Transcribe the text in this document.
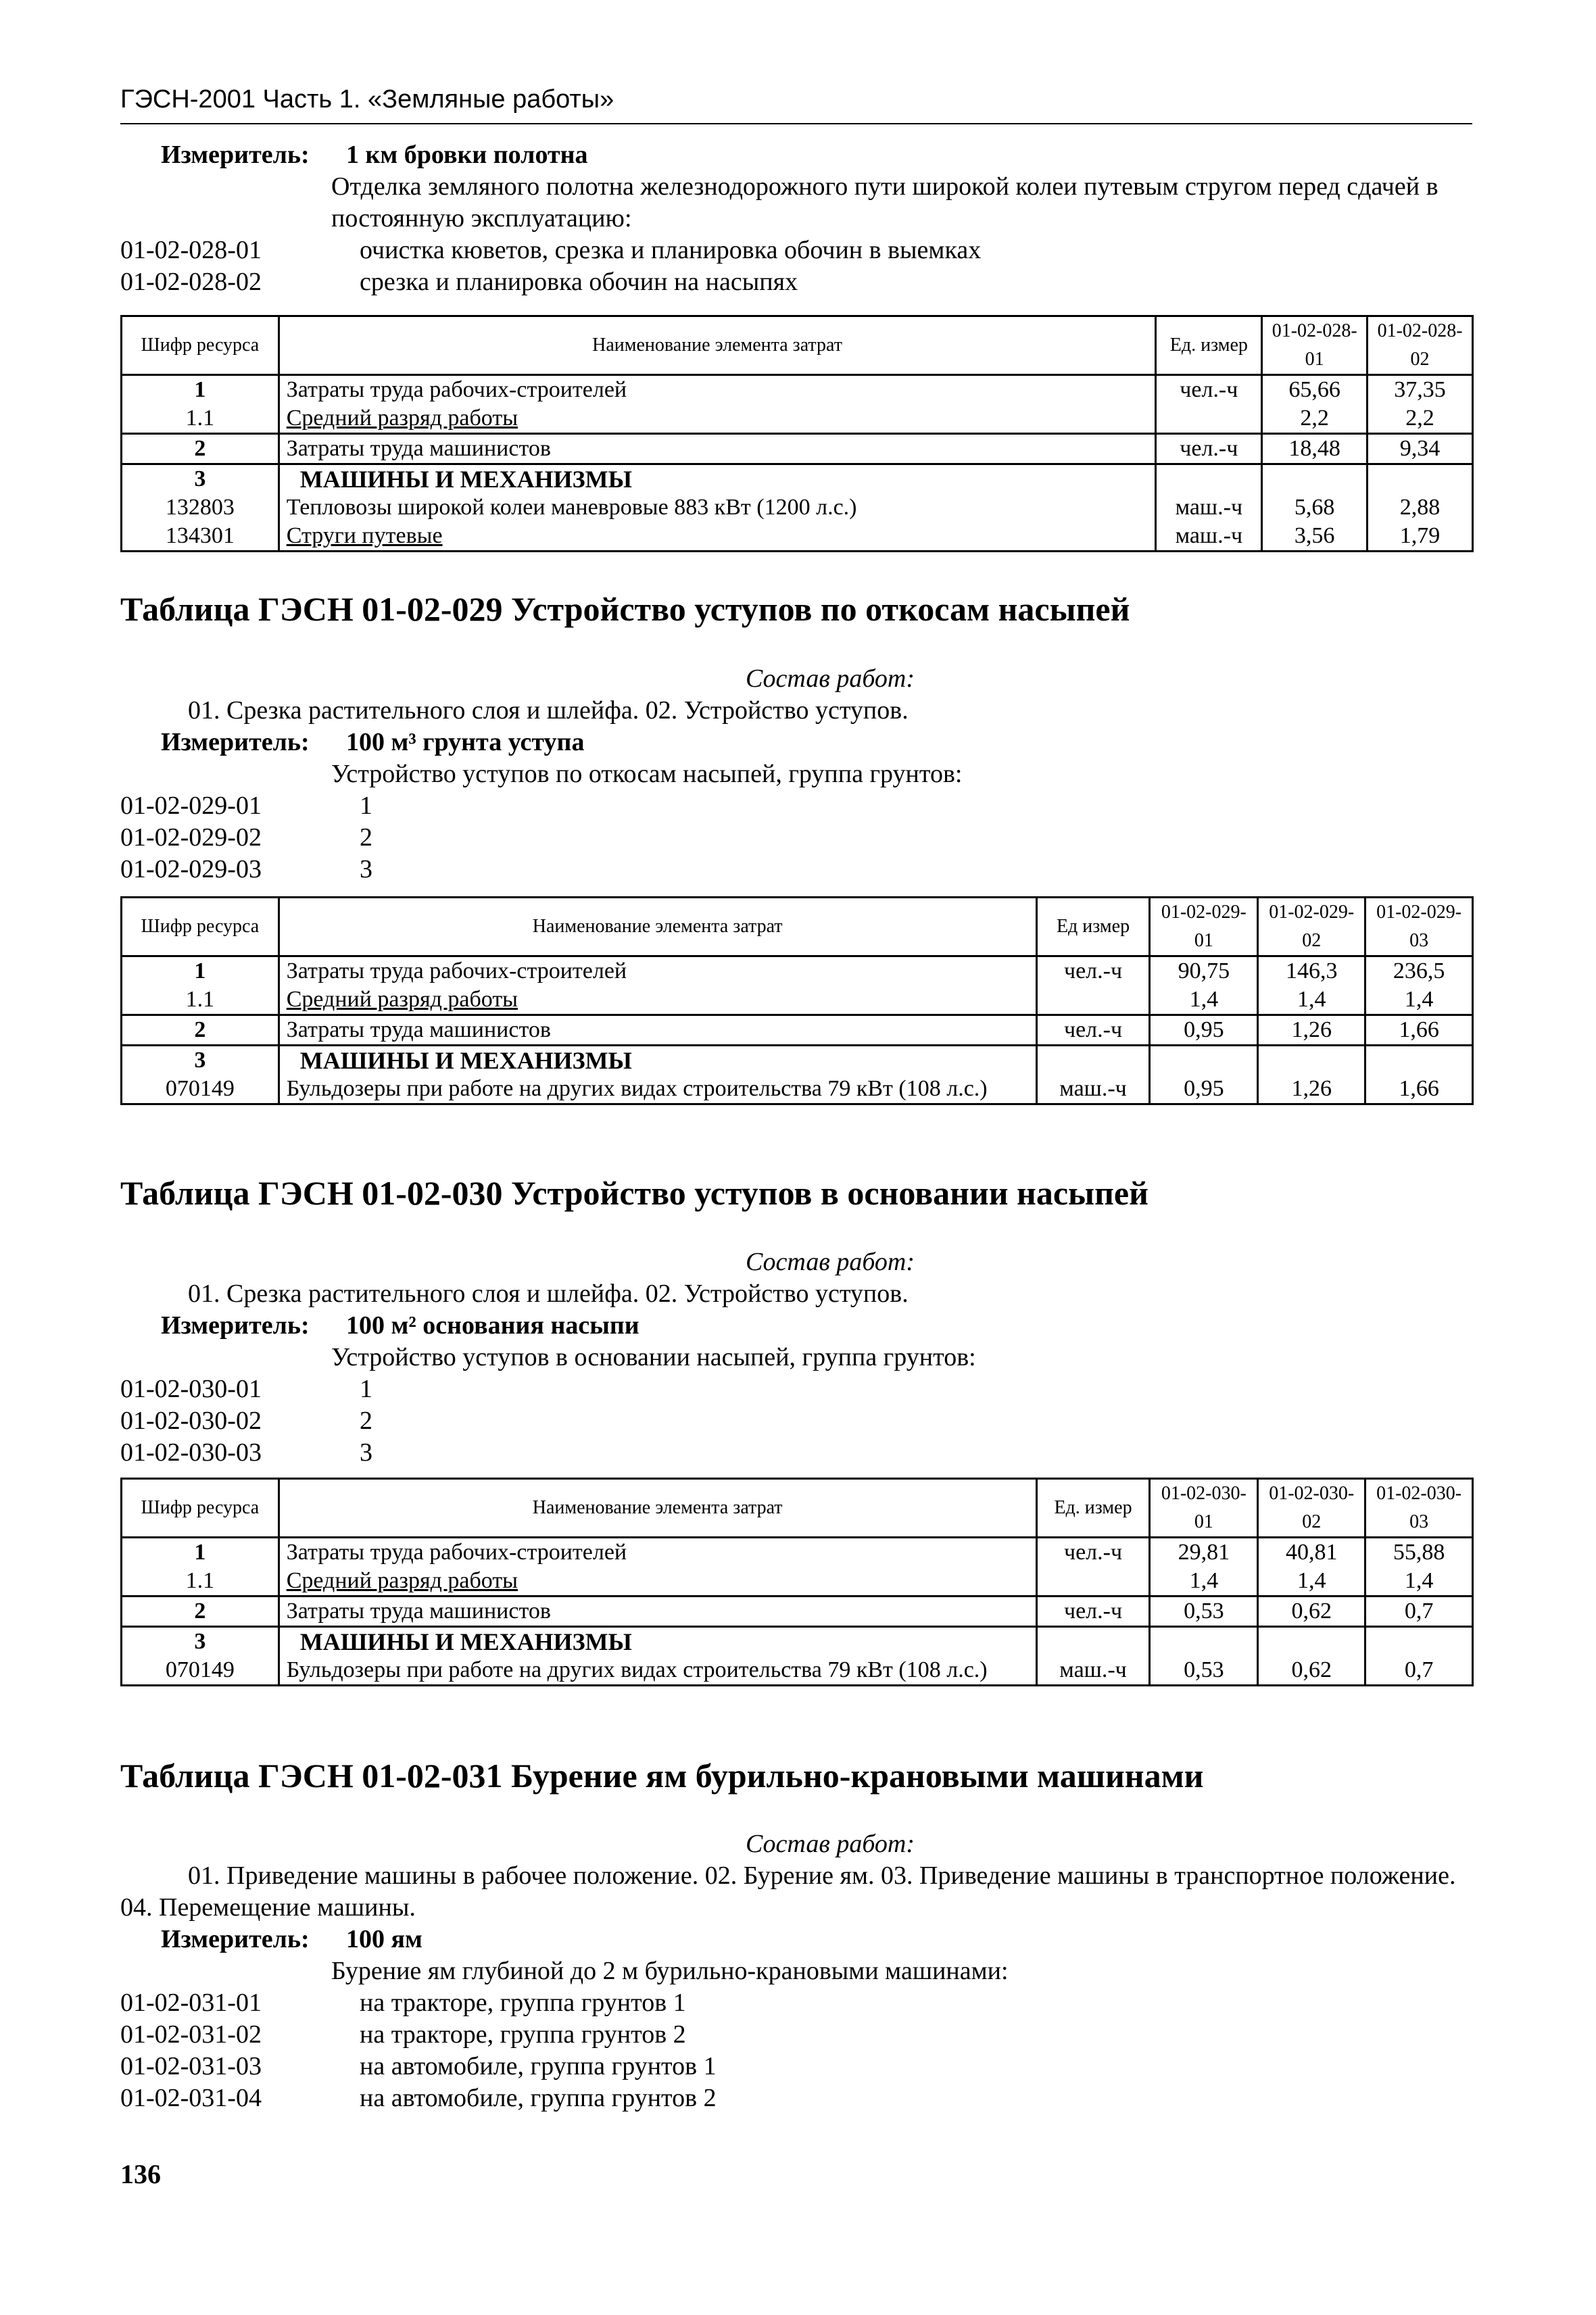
ГЭСН-2001 Часть 1. «Земляные работы»
Измеритель: 1 км бровки полотна
Отделка земляного полотна железнодорожного пути широкой колеи путевым стругом перед сдачей в постоянную эксплуатацию:
01-02-028-01	очистка кюветов, срезка и планировка обочин в выемках
01-02-028-02	срезка и планировка обочин на насыпях
Шифр ресурса	Наименование элемента затрат	Ед. измер	01-02-028-01	01-02-028-02
1	Затраты труда рабочих-строителей	чел.-ч	65,66	37,35
1.1	Средний разряд работы		2,2	2,2
2	Затраты труда машинистов	чел.-ч	18,48	9,34
3	МАШИНЫ И МЕХАНИЗМЫ			
132803	Тепловозы широкой колеи маневровые 883 кВт (1200 л.с.)	маш.-ч	5,68	2,88
134301	Струги путевые	маш.-ч	3,56	1,79
Таблица ГЭСН 01-02-029 Устройство уступов по откосам насыпей
Состав работ:
01. Срезка растительного слоя и шлейфа. 02. Устройство уступов.
Измеритель: 100 м³ грунта уступа
Устройство уступов по откосам насыпей, группа грунтов:
01-02-029-01	1
01-02-029-02	2
01-02-029-03	3
Шифр ресурса	Наименование элемента затрат	Ед измер	01-02-029-01	01-02-029-02	01-02-029-03
1	Затраты труда рабочих-строителей	чел.-ч	90,75	146,3	236,5
1.1	Средний разряд работы		1,4	1,4	1,4
2	Затраты труда машинистов	чел.-ч	0,95	1,26	1,66
3	МАШИНЫ И МЕХАНИЗМЫ				
070149	Бульдозеры при работе на других видах строительства 79 кВт (108 л.с.)	маш.-ч	0,95	1,26	1,66
Таблица ГЭСН 01-02-030 Устройство уступов в основании насыпей
Состав работ:
01. Срезка растительного слоя и шлейфа. 02. Устройство уступов.
Измеритель: 100 м² основания насыпи
Устройство уступов в основании насыпей, группа грунтов:
01-02-030-01	1
01-02-030-02	2
01-02-030-03	3
Шифр ресурса	Наименование элемента затрат	Ед. измер	01-02-030-01	01-02-030-02	01-02-030-03
1	Затраты труда рабочих-строителей	чел.-ч	29,81	40,81	55,88
1.1	Средний разряд работы		1,4	1,4	1,4
2	Затраты труда машинистов	чел.-ч	0,53	0,62	0,7
3	МАШИНЫ И МЕХАНИЗМЫ				
070149	Бульдозеры при работе на других видах строительства 79 кВт (108 л.с.)	маш.-ч	0,53	0,62	0,7
Таблица ГЭСН 01-02-031 Бурение ям бурильно-крановыми машинами
Состав работ:
01. Приведение машины в рабочее положение. 02. Бурение ям. 03. Приведение машины в транспортное положение. 04. Перемещение машины.
Измеритель: 100 ям
Бурение ям глубиной до 2 м бурильно-крановыми машинами:
01-02-031-01	на тракторе, группа грунтов 1
01-02-031-02	на тракторе, группа грунтов 2
01-02-031-03	на автомобиле, группа грунтов 1
01-02-031-04	на автомобиле, группа грунтов 2
136
